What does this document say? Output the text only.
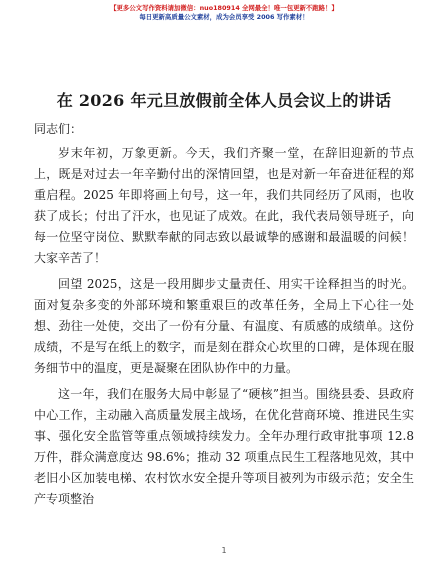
【更多公文写作资料请加微信：nuo180914 全网最全！唯一包更新不跑路！】
每日更新高质量公文素材，成为会员享受 2006 写作素材！
在 2026 年元旦放假前全体人员会议上的讲话
同志们：

岁末年初，万象更新。今天，我们齐聚一堂，在辞旧迎新的节点上，既是对过去一年辛勤付出的深情回望，也是对新一年奋进征程的郑重启程。2025 年即将画上句号，这一年，我们共同经历了风雨，也收获了成长；付出了汗水，也见证了成效。在此，我代表局领导班子，向每一位坚守岗位、默默奉献的同志致以最诚挚的感谢和最温暖的问候！大家辛苦了！

回望 2025，这是一段用脚步丈量责任、用实干诠释担当的时光。面对复杂多变的外部环境和繁重艰巨的改革任务，全局上下心往一处想、劲往一处使，交出了一份有分量、有温度、有质感的成绩单。这份成绩，不是写在纸上的数字，而是刻在群众心坎里的口碑，是体现在服务细节中的温度，更是凝聚在团队协作中的力量。

这一年，我们在服务大局中彰显了“硬核”担当。围绕县委、县政府中心工作，主动融入高质量发展主战场，在优化营商环境、推进民生实事、强化安全监管等重点领域持续发力。全年办理行政审批事项 12.8 万件，群众满意度达 98.6%；推动 32 项重点民生工程落地见效，其中老旧小区加装电梯、农村饮水安全提升等项目被列为市级示范；安全生产专项整治

1
